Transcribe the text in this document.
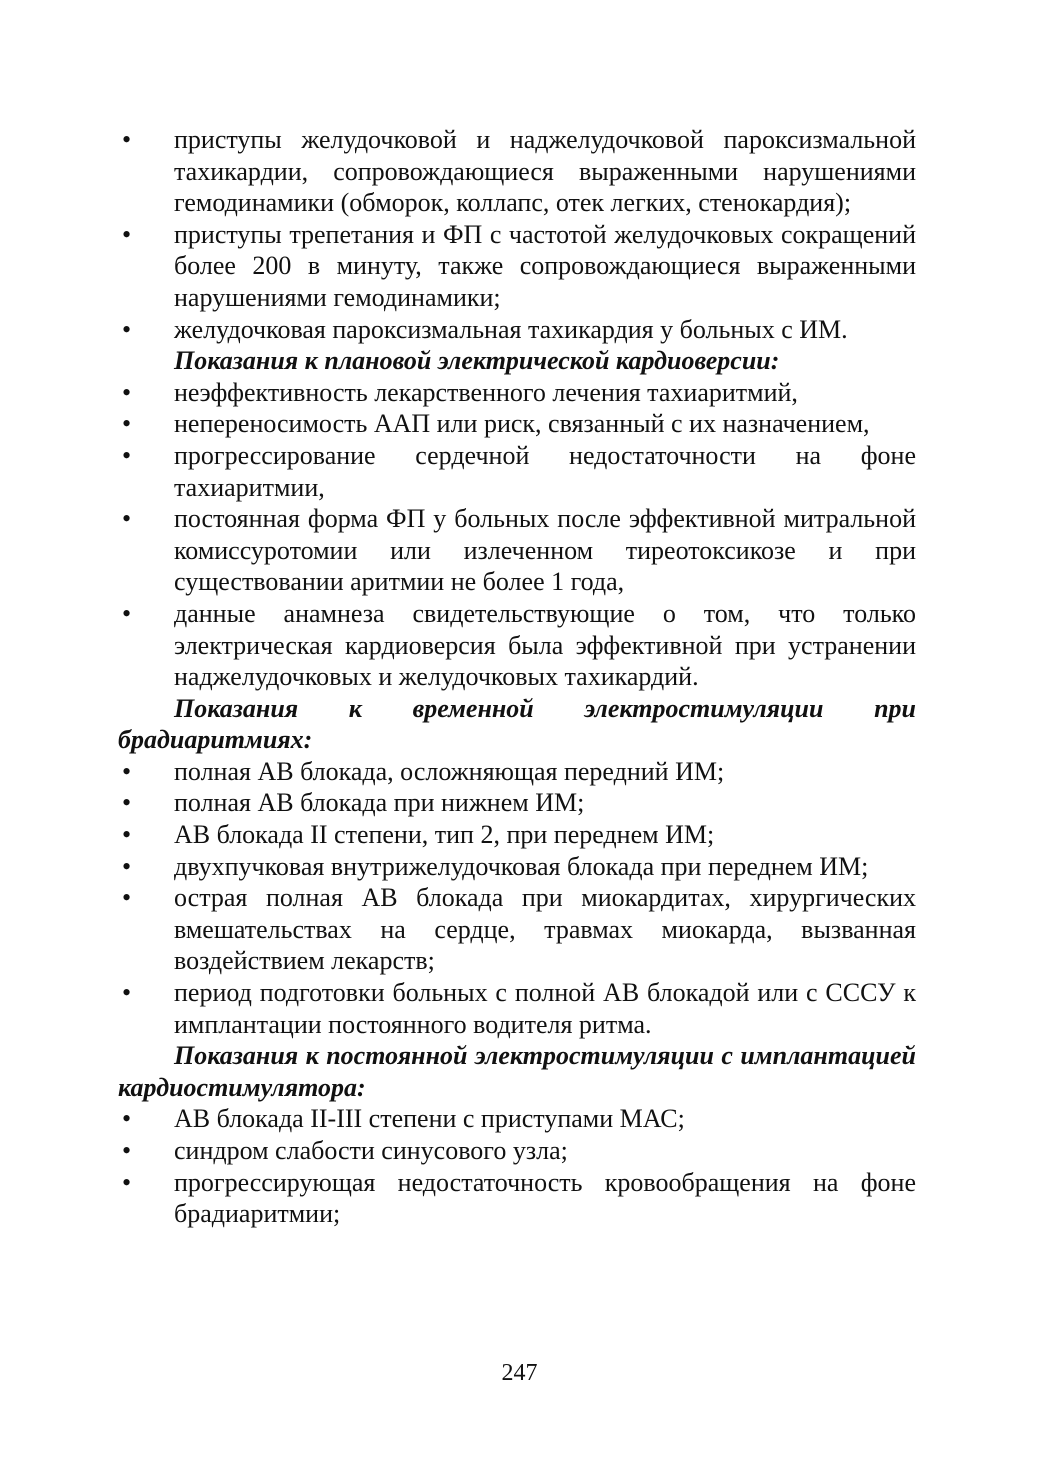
• приступы желудочковой и наджелудочковой пароксизмальной тахикардии, сопровождающиеся выраженными нарушениями гемодинамики (обморок, коллапс, отек легких, стенокардия);
• приступы трепетания и ФП с частотой желудочковых сокращений более 200 в минуту, также сопровождающиеся выраженными нарушениями гемодинамики;
• желудочковая пароксизмальная тахикардия у больных с ИМ.
Показания к плановой электрической кардиоверсии:
• неэффективность лекарственного лечения тахиаритмий,
• непереносимость ААП или риск, связанный с их назначением,
• прогрессирование сердечной недостаточности на фоне тахиаритмии,
• постоянная форма ФП у больных после эффективной митральной комиссуротомии или излеченном тиреотоксикозе и при существовании аритмии не более 1 года,
• данные анамнеза свидетельствующие о том, что только электрическая кардиоверсия была эффективной при устранении наджелудочковых и желудочковых тахикардий.
Показания к временной электростимуляции при брадиаритмиях:
• полная АВ блокада, осложняющая передний ИМ;
• полная АВ блокада при нижнем ИМ;
• АВ блокада II степени, тип 2, при переднем ИМ;
• двухпучковая внутрижелудочковая блокада при переднем ИМ;
• острая полная АВ блокада при миокардитах, хирургических вмешательствах на сердце, травмах миокарда, вызванная воздействием лекарств;
• период подготовки больных с полной АВ блокадой или с СССУ к имплантации постоянного водителя ритма.
Показания к постоянной электростимуляции с имплантацией кардиостимулятора:
• АВ блокада II-III степени с приступами МАС;
• синдром слабости синусового узла;
• прогрессирующая недостаточность кровообращения на фоне брадиаритмии;
247
